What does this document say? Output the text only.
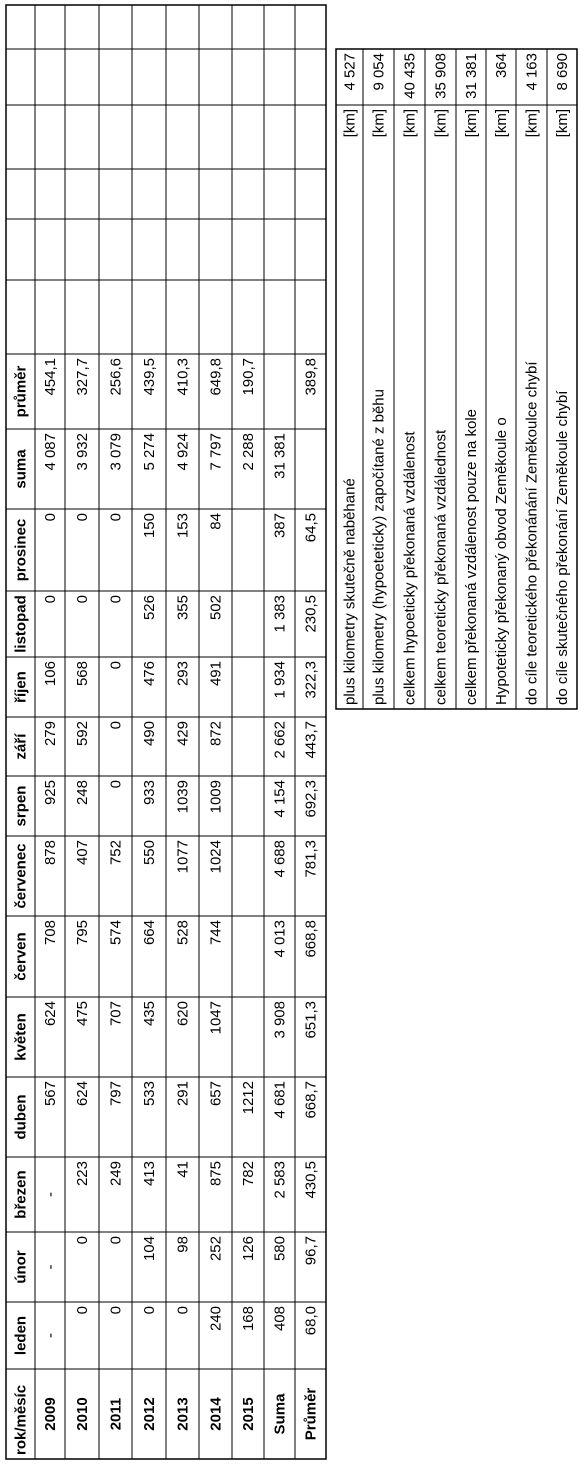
rok/měsíc
leden
únor
březen
duben
květen
červen
červenec
srpen
září
říjen
listopad
prosinec
suma
průměr
2009
-
-
-
567
624
708
878
925
279
106
0
0
4 087
454,1
2010
0
0
223
624
475
795
407
248
592
568
0
0
3 932
327,7
2011
0
0
249
797
707
574
752
0
0
0
0
0
3 079
256,6
2012
0
104
413
533
435
664
550
933
490
476
526
150
5 274
439,5
2013
0
98
41
291
620
528
1077
1039
429
293
355
153
4 924
410,3
2014
240
252
875
657
1047
744
1024
1009
872
491
502
84
7 797
649,8
2015
168
126
782
1212
2 288
190,7
Suma
408
580
2 583
4 681
3 908
4 013
4 688
4 154
2 662
1 934
1 383
387
31 381
Průměr
68,0
96,7
430,5
668,7
651,3
668,8
781,3
692,3
443,7
322,3
230,5
64,5
389,8
plus kilometry skutečně naběhané
[km]
4 527
plus kilometry (hypoeteticky) započítané z běhu
[km]
9 054
celkem hypoeticky překonaná vzdálenost
[km]
40 435
celkem teoreticky překonaná vzdálednost
[km]
35 908
celkem překonaná vzdálenost pouze na kole
[km]
31 381
Hypoteticky překonaný obvod Zeměkoule o
[km]
364
do cíle teoretického překonánání Zeměkoulce chybí
[km]
4 163
do cíle skutečného překonání Zeměkoule chybí
[km]
8 690
